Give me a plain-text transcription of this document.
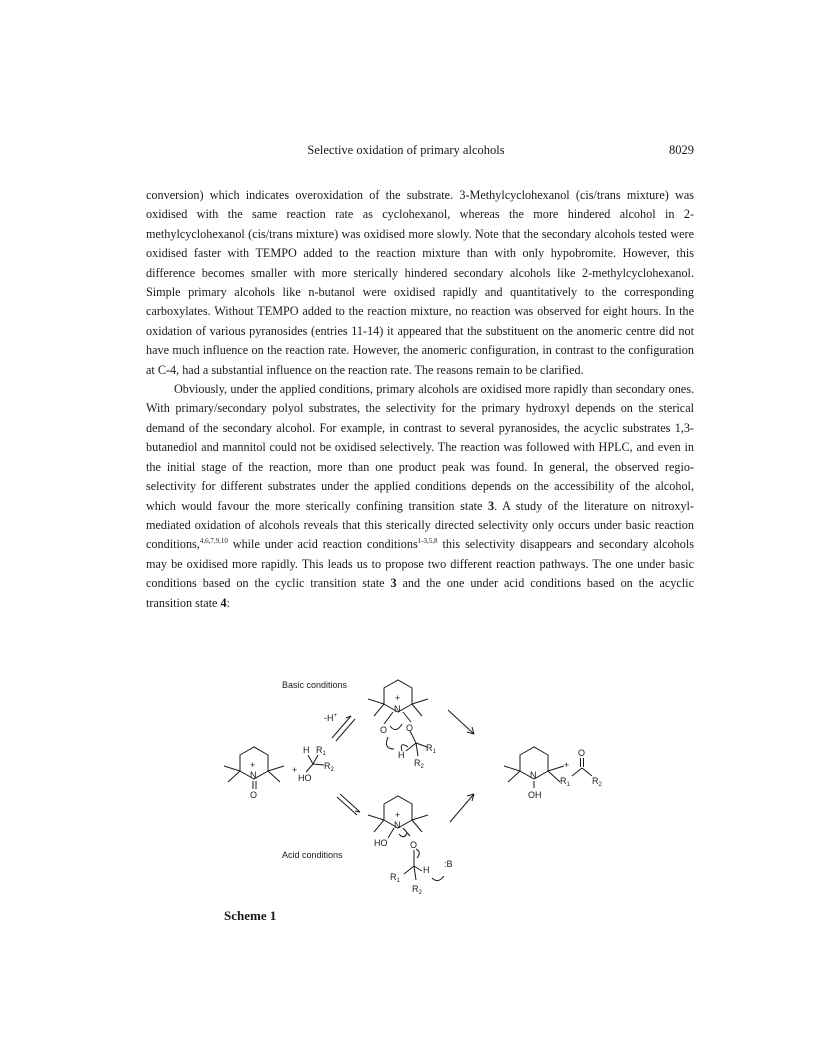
Selective oxidation of primary alcohols	8029

conversion) which indicates overoxidation of the substrate. 3-Methylcyclohexanol (cis/trans mixture) was oxidised with the same reaction rate as cyclohexanol, whereas the more hindered alcohol in 2-methylcyclohexanol (cis/trans mixture) was oxidised more slowly. Note that the secondary alcohols tested were oxidised faster with TEMPO added to the reaction mixture than with only hypobromite. However, this difference becomes smaller with more sterically hindered secondary alcohols like 2-methylcyclohexanol. Simple primary alcohols like n-butanol were oxidised rapidly and quantitatively to the corresponding carboxylates. Without TEMPO added to the reaction mixture, no reaction was observed for eight hours. In the oxidation of various pyranosides (entries 11-14) it appeared that the substituent on the anomeric centre did not have much influence on the reaction rate. However, the anomeric configuration, in contrast to the configuration at C-4, had a substantial influence on the reaction rate. The reasons remain to be clarified.

Obviously, under the applied conditions, primary alcohols are oxidised more rapidly than secondary ones. With primary/secondary polyol substrates, the selectivity for the primary hydroxyl depends on the sterical demand of the secondary alcohol. For example, in contrast to several pyranosides, the acyclic substrates 1,3-butanediol and mannitol could not be oxidised selectively. The reaction was followed with HPLC, and even in the initial stage of the reaction, more than one product peak was found. In general, the observed regio-selectivity for different substrates under the applied conditions depends on the accessibility of the alcohol, which would favour the more sterically confining transition state 3. A study of the literature on nitroxyl-mediated oxidation of alcohols reveals that this sterically directed selectivity only occurs under basic reaction conditions,$^{4,6,7,9,10}$ while under acid reaction conditions$^{1-3,5,8}$ this selectivity disappears and secondary alcohols may be oxidised more rapidly. This leads us to propose two different reaction pathways. The one under basic conditions based on the cyclic transition state 3 and the one under acid conditions based on the acyclic transition state 4:

N
+
O
+
HO
H $R_1$
$R_2$
Basic conditions
N
+
O O
H
$R_1$
$R_2$
-H+
Acid conditions
N
+
HO	O
H
:B
$R_1$
$R_2$
N
OH
+
O
$R_1$ $R_2$
Scheme 1
